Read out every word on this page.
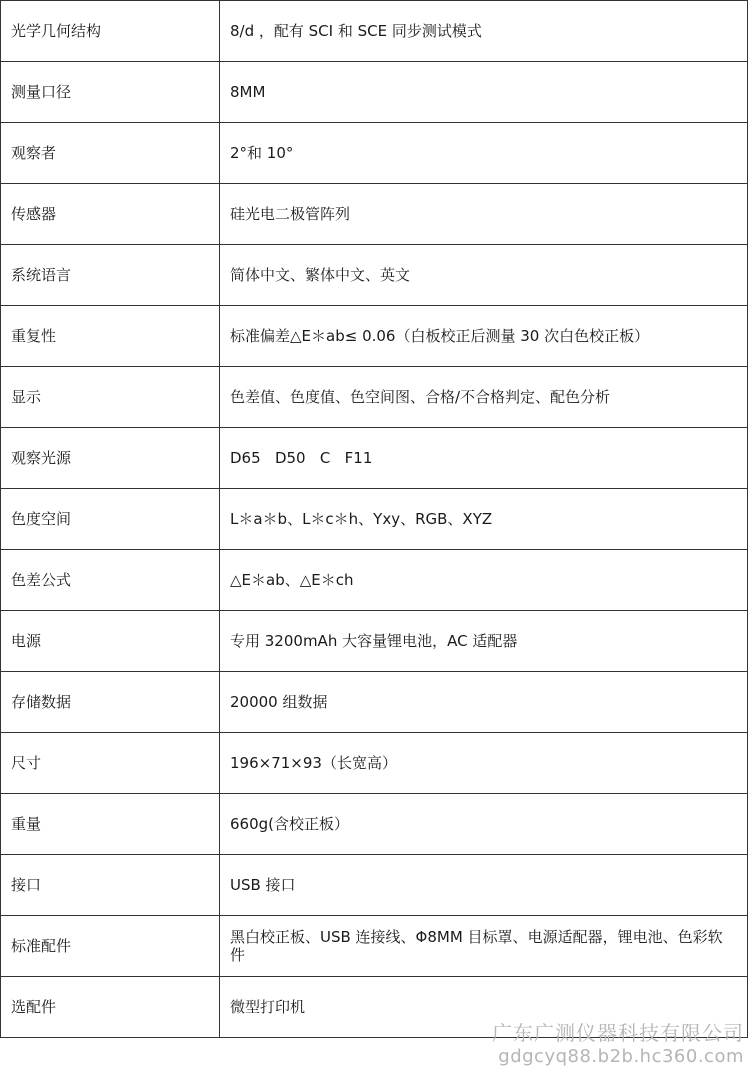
光学几何结构	8/d ，配有 SCI 和 SCE 同步测试模式
测量口径	8MM
观察者	2°和 10°
传感器	硅光电二极管阵列
系统语言	简体中文、繁体中文、英文
重复性	标准偏差△E＊ab≤ 0.06（白板校正后测量 30 次白色校正板）
显示	色差值、色度值、色空间图、合格/不合格判定、配色分析
观察光源	D65   D50   C   F11
色度空间	L＊a＊b、L＊c＊h、Yxy、RGB、XYZ
色差公式	△E＊ab、△E＊ch
电源	专用 3200mAh 大容量锂电池，AC 适配器
存储数据	20000 组数据
尺寸	196×71×93（长宽高）
重量	660g(含校正板）
接口	USB 接口
标准配件	黑白校正板、USB 连接线、Φ8MM 目标罩、电源适配器，锂电池、色彩软件
选配件	微型打印机
广东广测仪器科技有限公司
gdgcyq88.b2b.hc360.com
